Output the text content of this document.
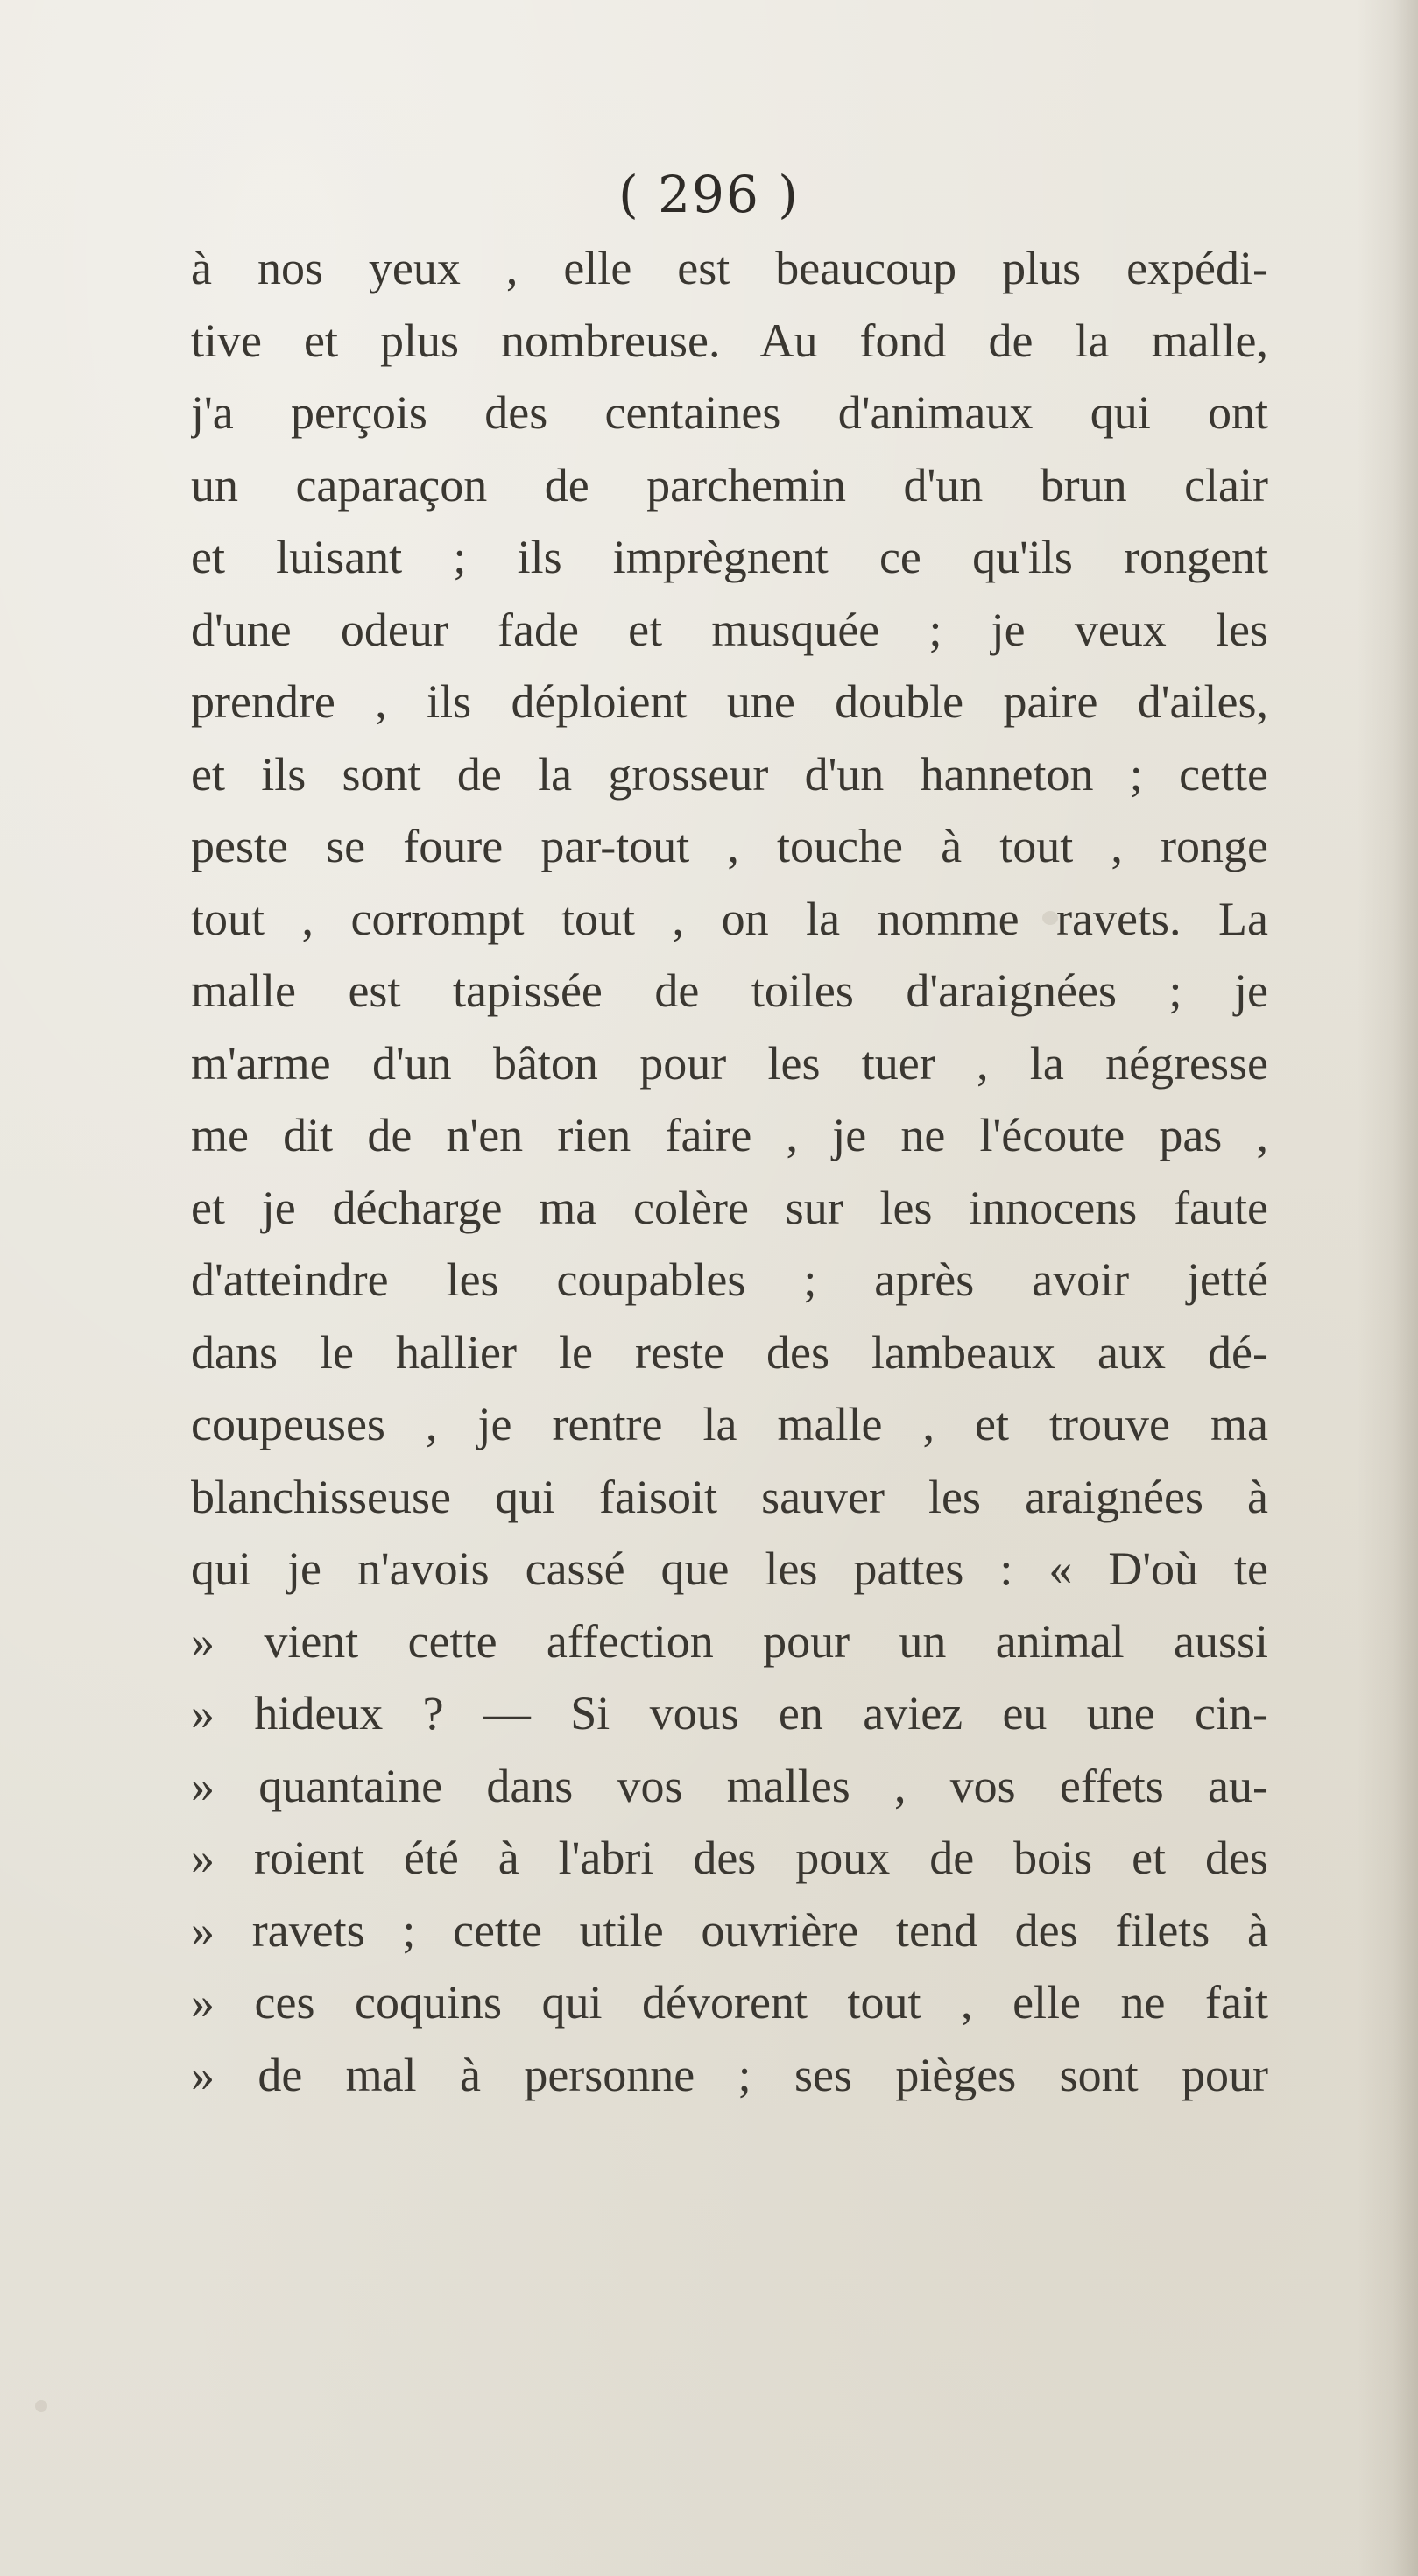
( 296 )
à nos yeux , elle est beaucoup plus expédi-
tive et plus nombreuse. Au fond de la malle,
j'a perçois des centaines d'animaux qui ont
un caparaçon de parchemin d'un brun clair
et luisant ; ils imprègnent ce qu'ils rongent
d'une odeur fade et musquée ; je veux les
prendre , ils déploient une double paire d'ailes,
et ils sont de la grosseur d'un hanneton ; cette
peste se foure par-tout , touche à tout , ronge
tout , corrompt tout , on la nomme ravets. La
malle est tapissée de toiles d'araignées ; je
m'arme d'un bâton pour les tuer , la négresse
me dit de n'en rien faire , je ne l'écoute pas ,
et je décharge ma colère sur les innocens faute
d'atteindre les coupables ; après avoir jetté
dans le hallier le reste des lambeaux aux dé-
coupeuses , je rentre la malle , et trouve ma
blanchisseuse qui faisoit sauver les araignées à
qui je n'avois cassé que les pattes : « D'où te
» vient cette affection pour un animal aussi
» hideux ? — Si vous en aviez eu une cin-
» quantaine dans vos malles , vos effets au-
» roient été à l'abri des poux de bois et des
» ravets ; cette utile ouvrière tend des filets à
» ces coquins qui dévorent tout , elle ne fait
» de mal à personne ; ses pièges sont pour
